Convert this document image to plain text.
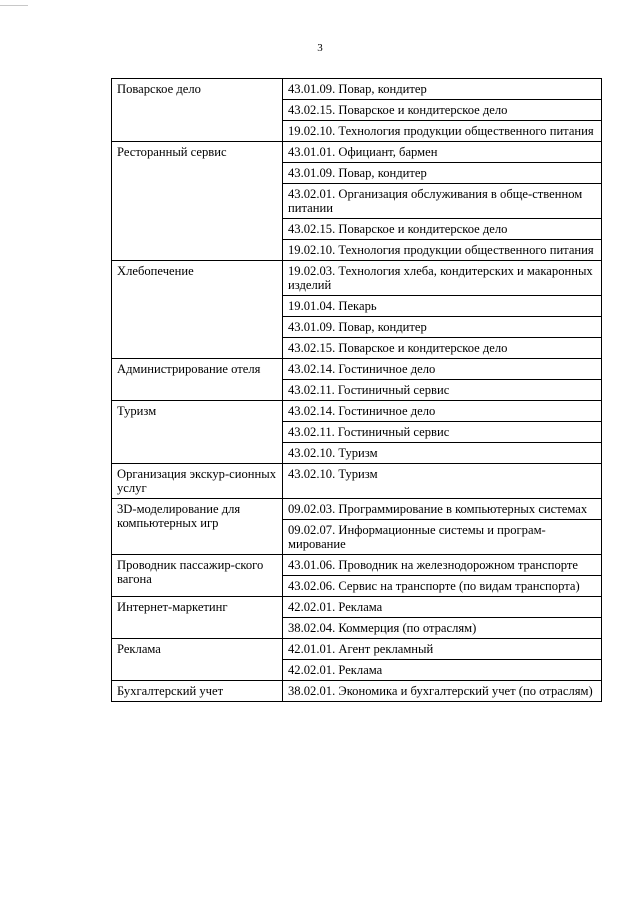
3
Поварское дело	43.01.09. Повар, кондитер
	43.02.15. Поварское и кондитерское дело
	19.02.10. Технология продукции общественного питания
Ресторанный сервис	43.01.01. Официант, бармен
	43.01.09. Повар, кондитер
	43.02.01. Организация обслуживания в обще-ственном питании
	43.02.15. Поварское и кондитерское дело
	19.02.10. Технология продукции общественного питания
Хлебопечение	19.02.03. Технология хлеба, кондитерских и макаронных изделий
	19.01.04. Пекарь
	43.01.09. Повар, кондитер
	43.02.15. Поварское и кондитерское дело
Администрирование отеля	43.02.14. Гостиничное дело
	43.02.11. Гостиничный сервис
Туризм	43.02.14. Гостиничное дело
	43.02.11. Гостиничный сервис
	43.02.10. Туризм
Организация экскур-сионных услуг	43.02.10. Туризм
3D-моделирование для компьютерных игр	09.02.03. Программирование в компьютерных системах
	09.02.07. Информационные системы и програм-мирование
Проводник пассажир-ского вагона	43.01.06. Проводник на железнодорожном транспорте
	43.02.06. Сервис на транспорте (по видам транспорта)
Интернет-маркетинг	42.02.01. Реклама
	38.02.04. Коммерция (по отраслям)
Реклама	42.01.01. Агент рекламный
	42.02.01. Реклама
Бухгалтерский учет	38.02.01. Экономика и бухгалтерский учет (по отраслям)
